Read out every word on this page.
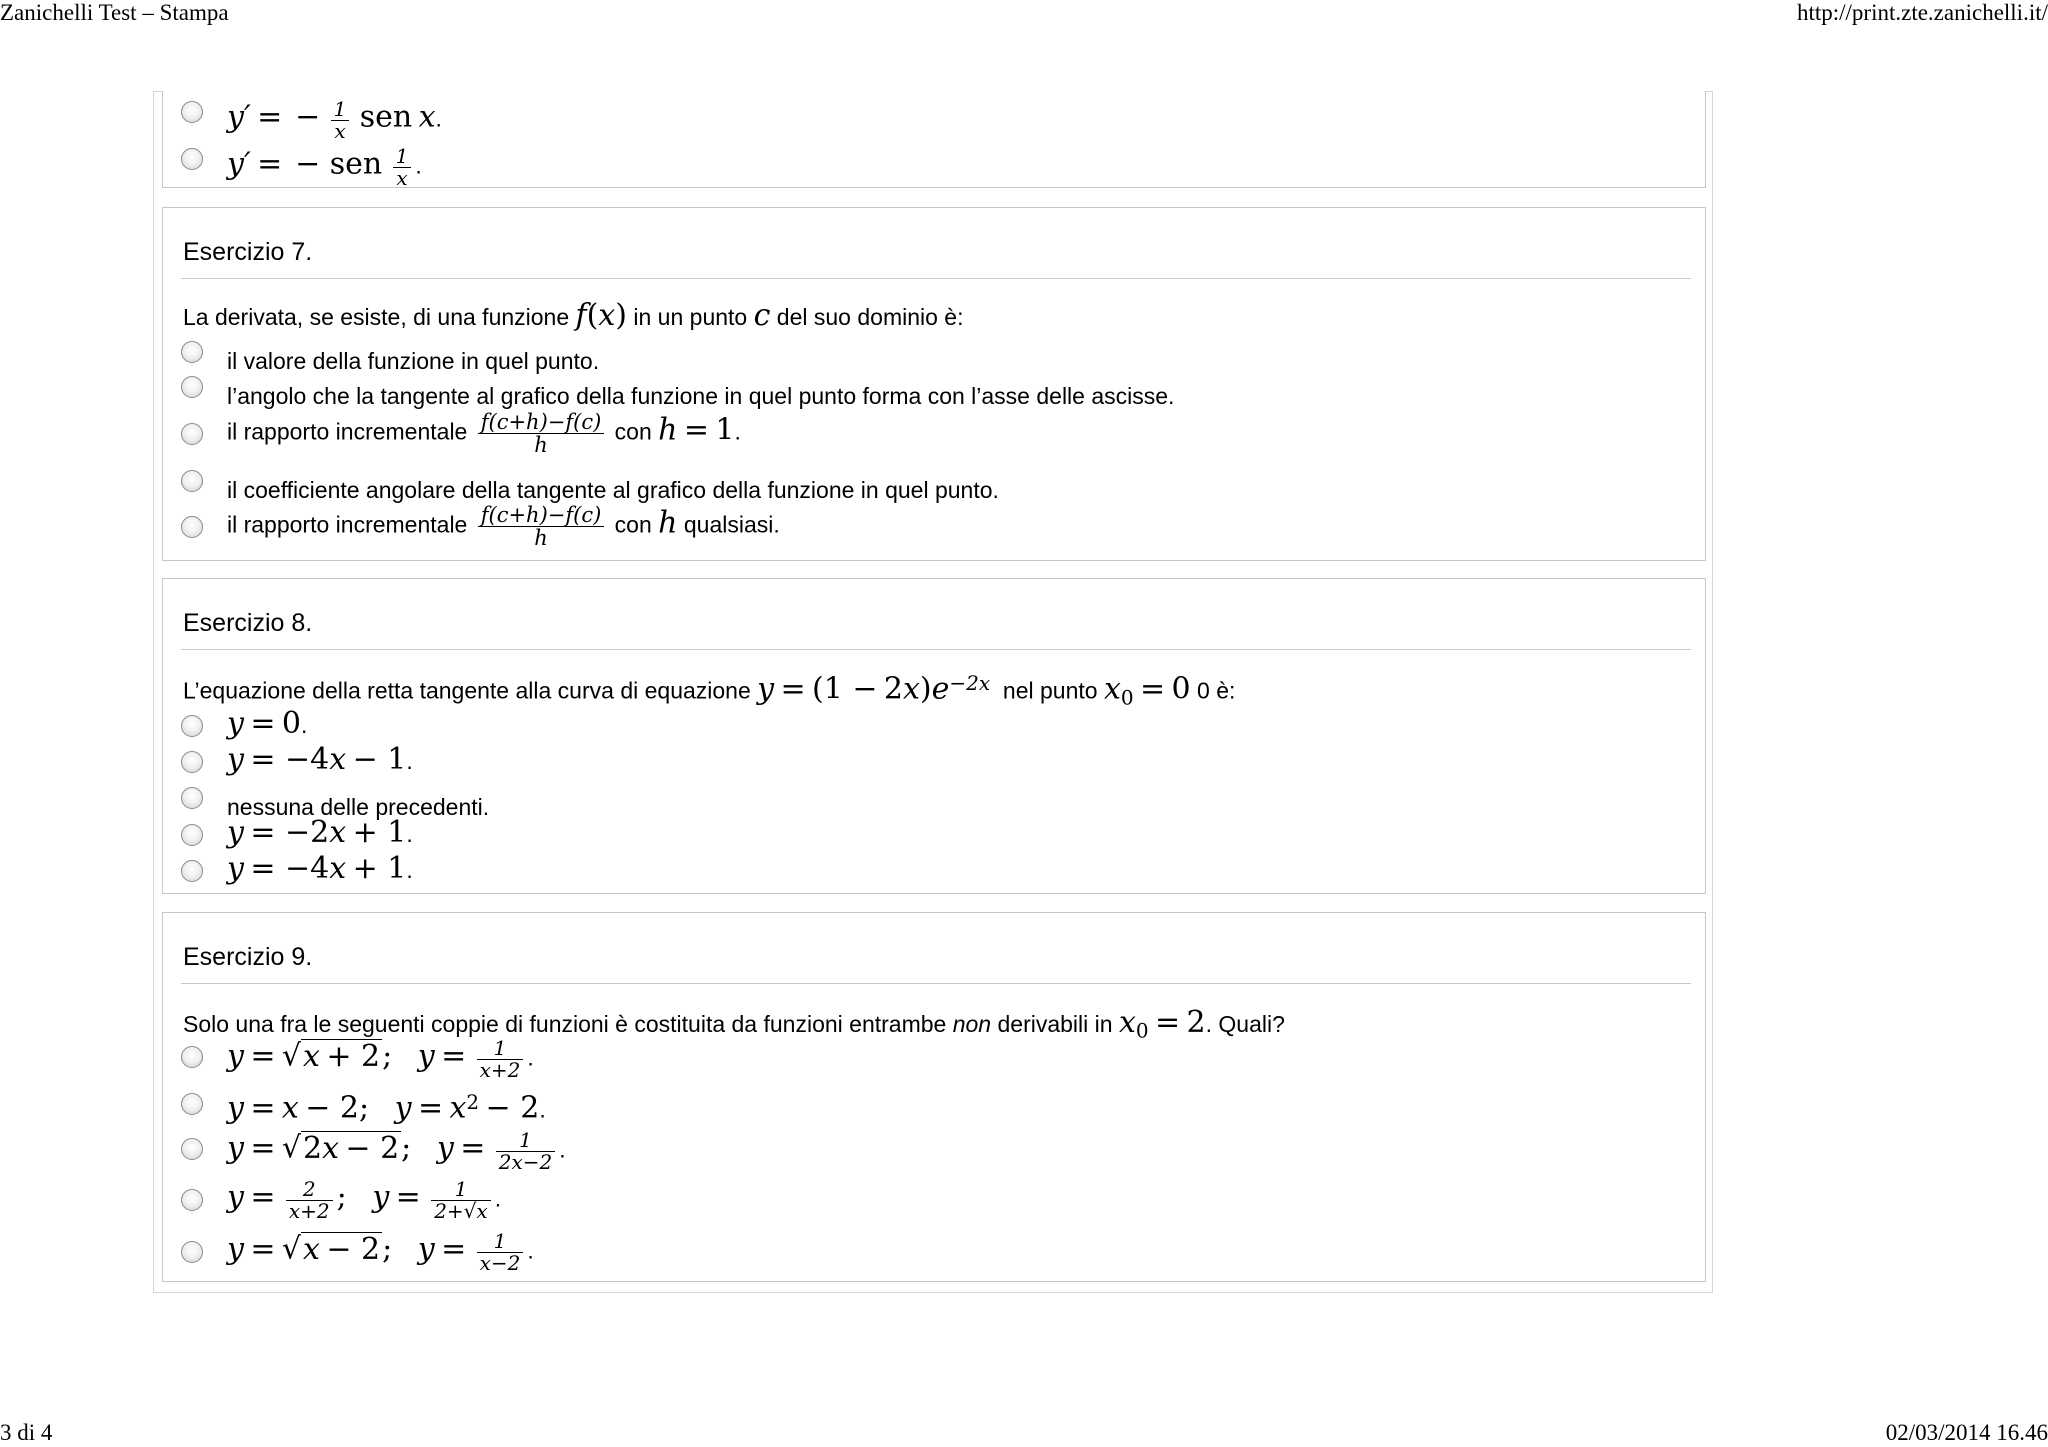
Zanichelli Test – Stampa	http://print.zte.zanichelli.it/
3 di 4	02/03/2014 16.46
y′ = − $\frac{1}{x}$ sen x.
y′ = − sen $\frac{1}{x}$ .
Esercizio 7.
La derivata, se esiste, di una funzione f(x) in un punto c del suo dominio è:
il valore della funzione in quel punto.
l’angolo che la tangente al grafico della funzione in quel punto forma con l’asse delle ascisse.
il rapporto incrementale $\frac{f(c+h)-f(c)}{h}$ con h = 1.
il coefficiente angolare della tangente al grafico della funzione in quel punto.
il rapporto incrementale $\frac{f(c+h)-f(c)}{h}$ con h qualsiasi.
Esercizio 8.
L’equazione della retta tangente alla curva di equazione $y = (1 - 2x)e^{-2x}$  nel punto $x_0 = 0$ 0 è:
y = 0.
y = −4x − 1.
nessuna delle precedenti.
y = −2x + 1.
y = −4x + 1.
Esercizio 9.
Solo una fra le seguenti coppie di funzioni è costituita da funzioni entrambe non derivabili in $x_0 = 2$. Quali?
y = √x + 2; $y = \frac{1}{x+2}$ .
y = x − 2; $y = x^2 - 2$.
y = √2x − 2; $y = \frac{1}{2x-2}$ .
$y = \frac{2}{x+2}$ ; $y = \frac{1}{2+√x}$ .
y = √x − 2; $y = \frac{1}{x-2}$ .
